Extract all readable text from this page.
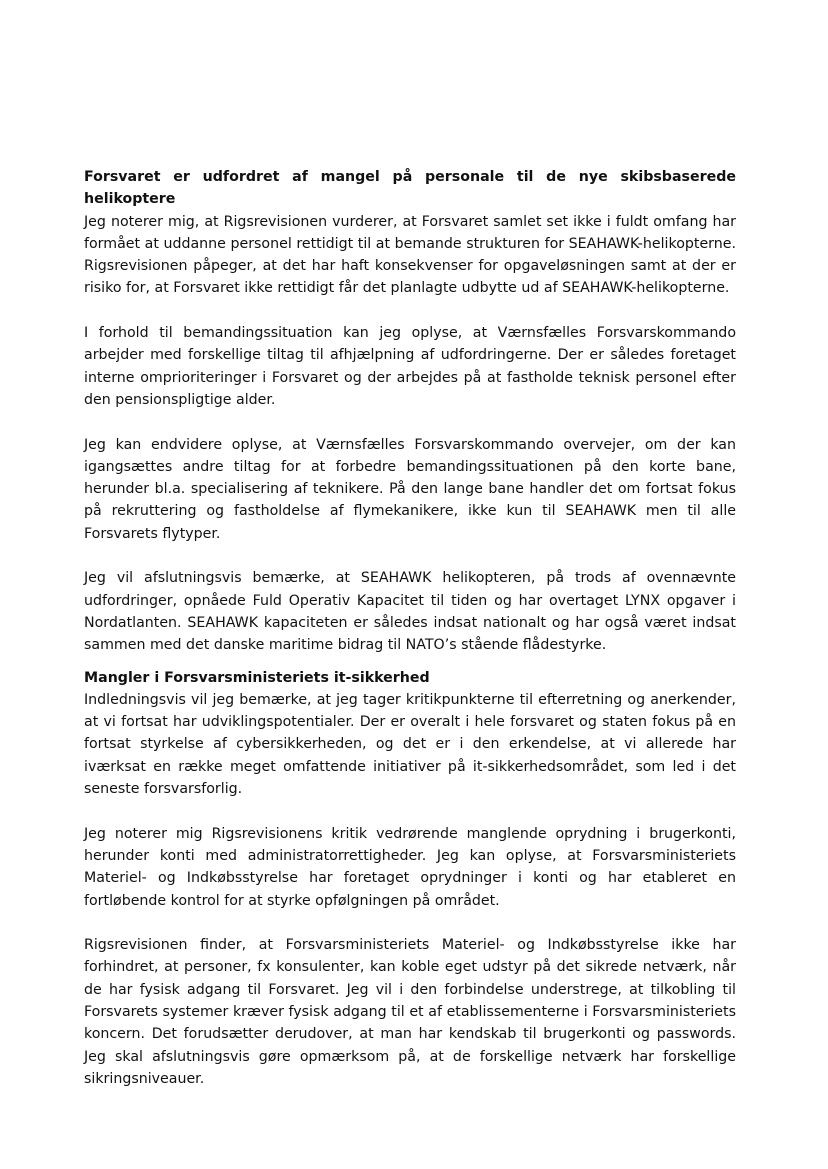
Forsvaret er udfordret af mangel på personale til de nye skibsbaserede helikoptere

Jeg noterer mig, at Rigsrevisionen vurderer, at Forsvaret samlet set ikke i fuldt omfang har formået at uddanne personel rettidigt til at bemande strukturen for SEAHAWK-helikopterne. Rigsrevisionen påpeger, at det har haft konsekvenser for opgaveløsningen samt at der er risiko for, at Forsvaret ikke rettidigt får det planlagte udbytte ud af SEAHAWK-helikopterne.

I forhold til bemandingssituation kan jeg oplyse, at Værnsfælles Forsvarskommando arbejder med forskellige tiltag til afhjælpning af udfordringerne. Der er således foretaget interne omprioriteringer i Forsvaret og der arbejdes på at fastholde teknisk personel efter den pensionspligtige alder.

Jeg kan endvidere oplyse, at Værnsfælles Forsvarskommando overvejer, om der kan igangsættes andre tiltag for at forbedre bemandingssituationen på den korte bane, herunder bl.a. specialisering af teknikere. På den lange bane handler det om fortsat fokus på rekruttering og fastholdelse af flymekanikere, ikke kun til SEAHAWK men til alle Forsvarets flytyper.

Jeg vil afslutningsvis bemærke, at SEAHAWK helikopteren, på trods af ovennævnte udfordringer, opnåede Fuld Operativ Kapacitet til tiden og har overtaget LYNX opgaver i Nordatlanten. SEAHAWK kapaciteten er således indsat nationalt og har også været indsat sammen med det danske maritime bidrag til NATO’s stående flådestyrke.

Mangler i Forsvarsministeriets it-sikkerhed

Indledningsvis vil jeg bemærke, at jeg tager kritikpunkterne til efterretning og anerkender, at vi fortsat har udviklingspotentialer. Der er overalt i hele forsvaret og staten fokus på en fortsat styrkelse af cybersikkerheden, og det er i den erkendelse, at vi allerede har iværksat en række meget omfattende initiativer på it-sikkerhedsområdet, som led i det seneste forsvarsforlig.

Jeg noterer mig Rigsrevisionens kritik vedrørende manglende oprydning i brugerkonti, herunder konti med administratorrettigheder. Jeg kan oplyse, at Forsvarsministeriets Materiel- og Indkøbsstyrelse har foretaget oprydninger i konti og har etableret en fortløbende kontrol for at styrke opfølgningen på området.

Rigsrevisionen finder, at Forsvarsministeriets Materiel- og Indkøbsstyrelse ikke har forhindret, at personer, fx konsulenter, kan koble eget udstyr på det sikrede netværk, når de har fysisk adgang til Forsvaret. Jeg vil i den forbindelse understrege, at tilkobling til Forsvarets systemer kræver fysisk adgang til et af etablissementerne i Forsvarsministeriets koncern. Det forudsætter derudover, at man har kendskab til brugerkonti og passwords. Jeg skal afslutningsvis gøre opmærksom på, at de forskellige netværk har forskellige sikringsniveauer.
